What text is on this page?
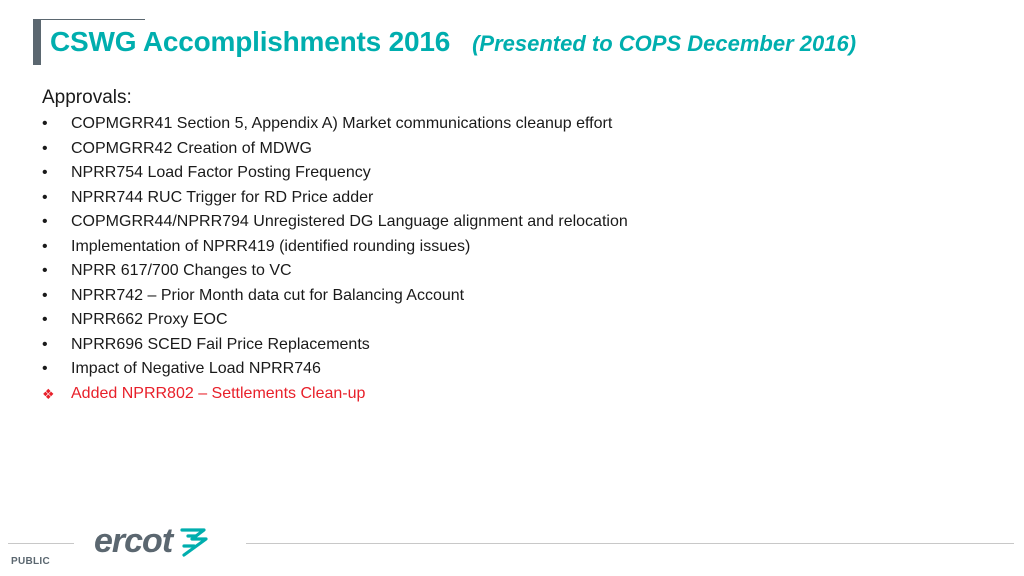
CSWG Accomplishments 2016 (Presented to COPS December 2016)
Approvals:
•	COPMGRR41 Section 5, Appendix A) Market communications cleanup effort
•	COPMGRR42 Creation of MDWG
•	NPRR754 Load Factor Posting Frequency
•	NPRR744 RUC Trigger for RD Price adder
•	COPMGRR44/NPRR794 Unregistered DG Language alignment and relocation
•	Implementation of NPRR419 (identified rounding issues)
•	NPRR 617/700 Changes to VC
•	NPRR742 – Prior Month data cut for Balancing Account
•	NPRR662 Proxy EOC
•	NPRR696 SCED Fail Price Replacements
•	Impact of Negative Load NPRR746
❖	Added NPRR802 – Settlements Clean-up
ercot
PUBLIC
